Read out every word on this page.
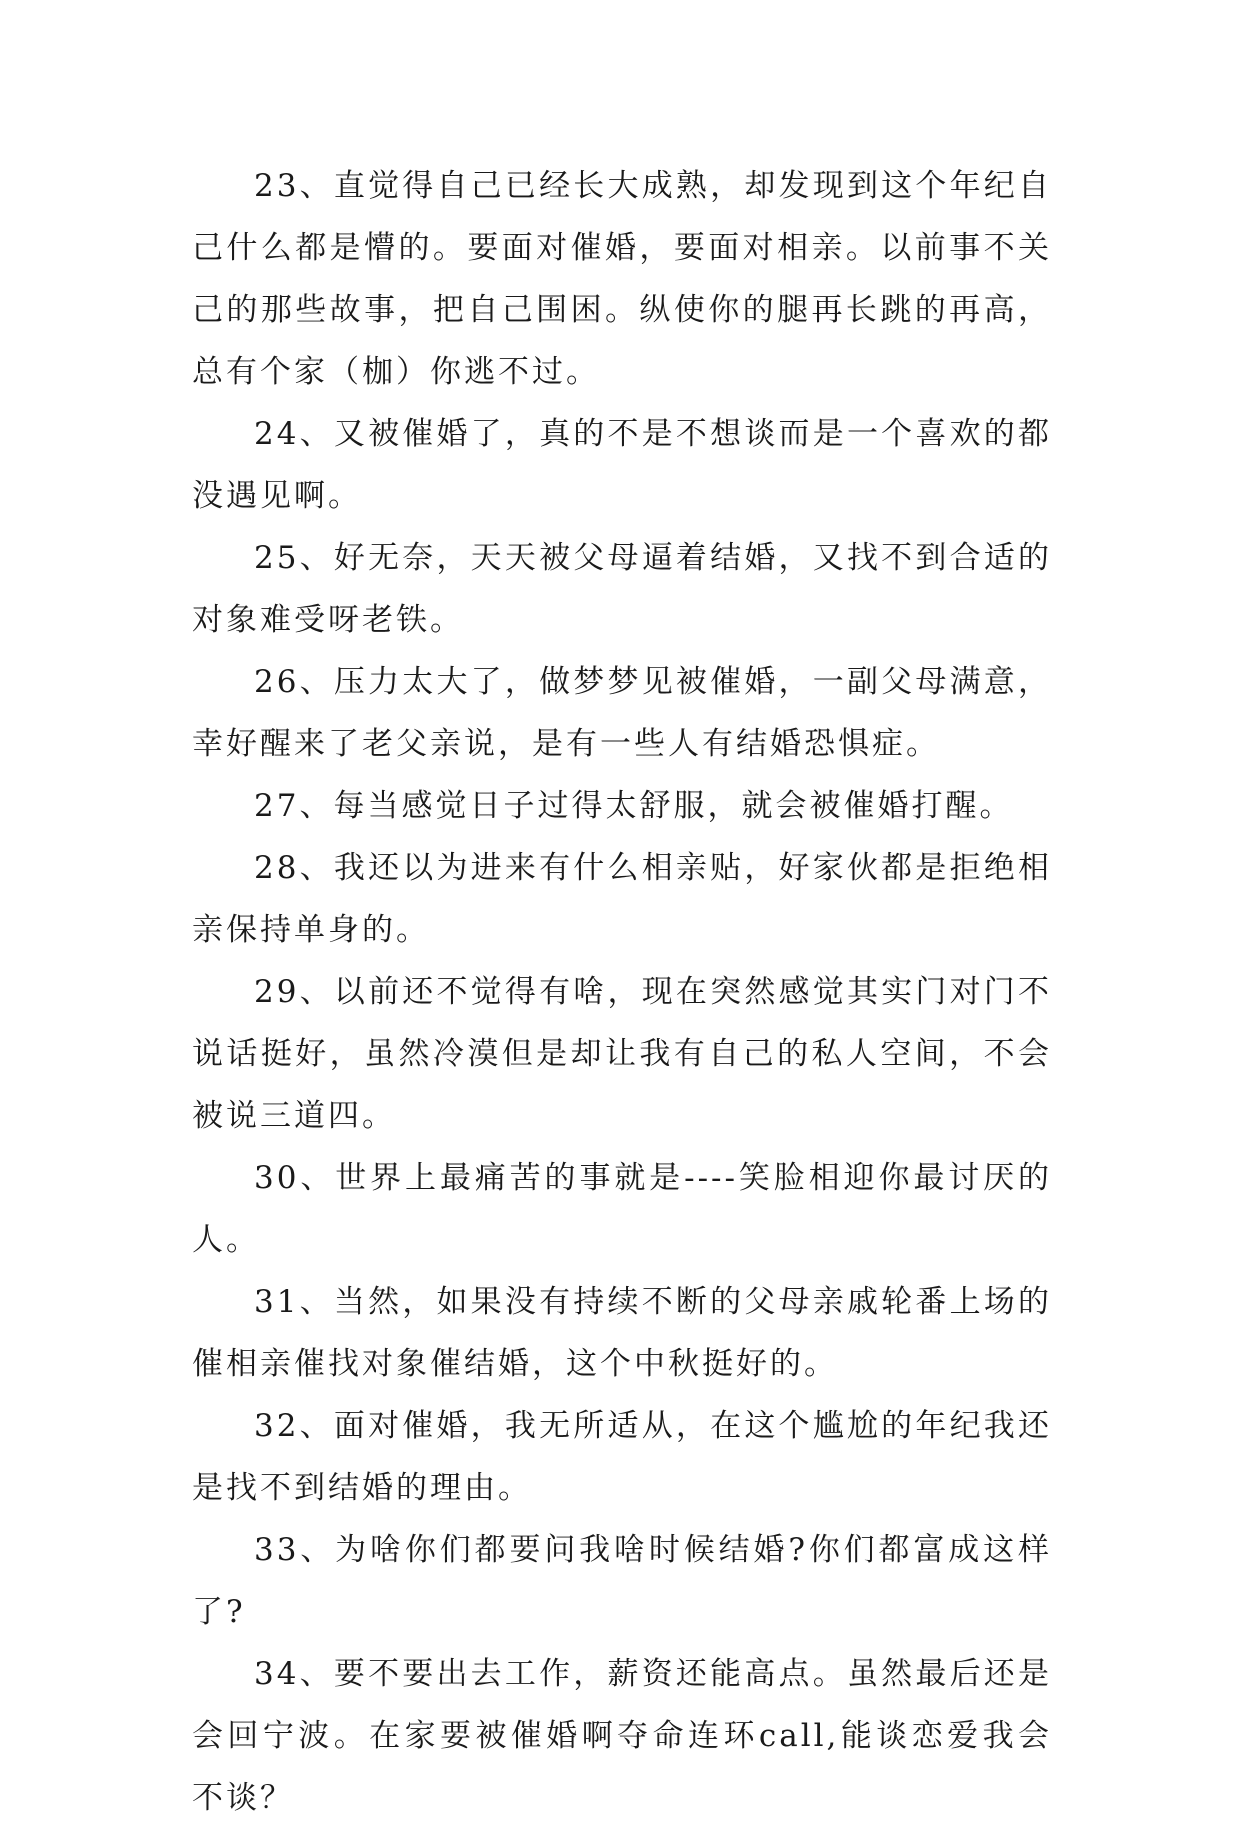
23、直觉得自己已经长大成熟，却发现到这个年纪自己什么都是懵的。要面对催婚，要面对相亲。以前事不关己的那些故事，把自己围困。纵使你的腿再长跳的再高，总有个家（枷）你逃不过。

24、又被催婚了，真的不是不想谈而是一个喜欢的都没遇见啊。

25、好无奈，天天被父母逼着结婚，又找不到合适的对象难受呀老铁。

26、压力太大了，做梦梦见被催婚，一副父母满意，幸好醒来了老父亲说，是有一些人有结婚恐惧症。

27、每当感觉日子过得太舒服，就会被催婚打醒。

28、我还以为进来有什么相亲贴，好家伙都是拒绝相亲保持单身的。

29、以前还不觉得有啥，现在突然感觉其实门对门不说话挺好，虽然冷漠但是却让我有自己的私人空间，不会被说三道四。

30、世界上最痛苦的事就是----笑脸相迎你最讨厌的人。

31、当然，如果没有持续不断的父母亲戚轮番上场的催相亲催找对象催结婚，这个中秋挺好的。

32、面对催婚，我无所适从，在这个尴尬的年纪我还是找不到结婚的理由。

33、为啥你们都要问我啥时候结婚?你们都富成这样了?

34、要不要出去工作，薪资还能高点。虽然最后还是会回宁波。在家要被催婚啊夺命连环call,能谈恋爱我会不谈？
